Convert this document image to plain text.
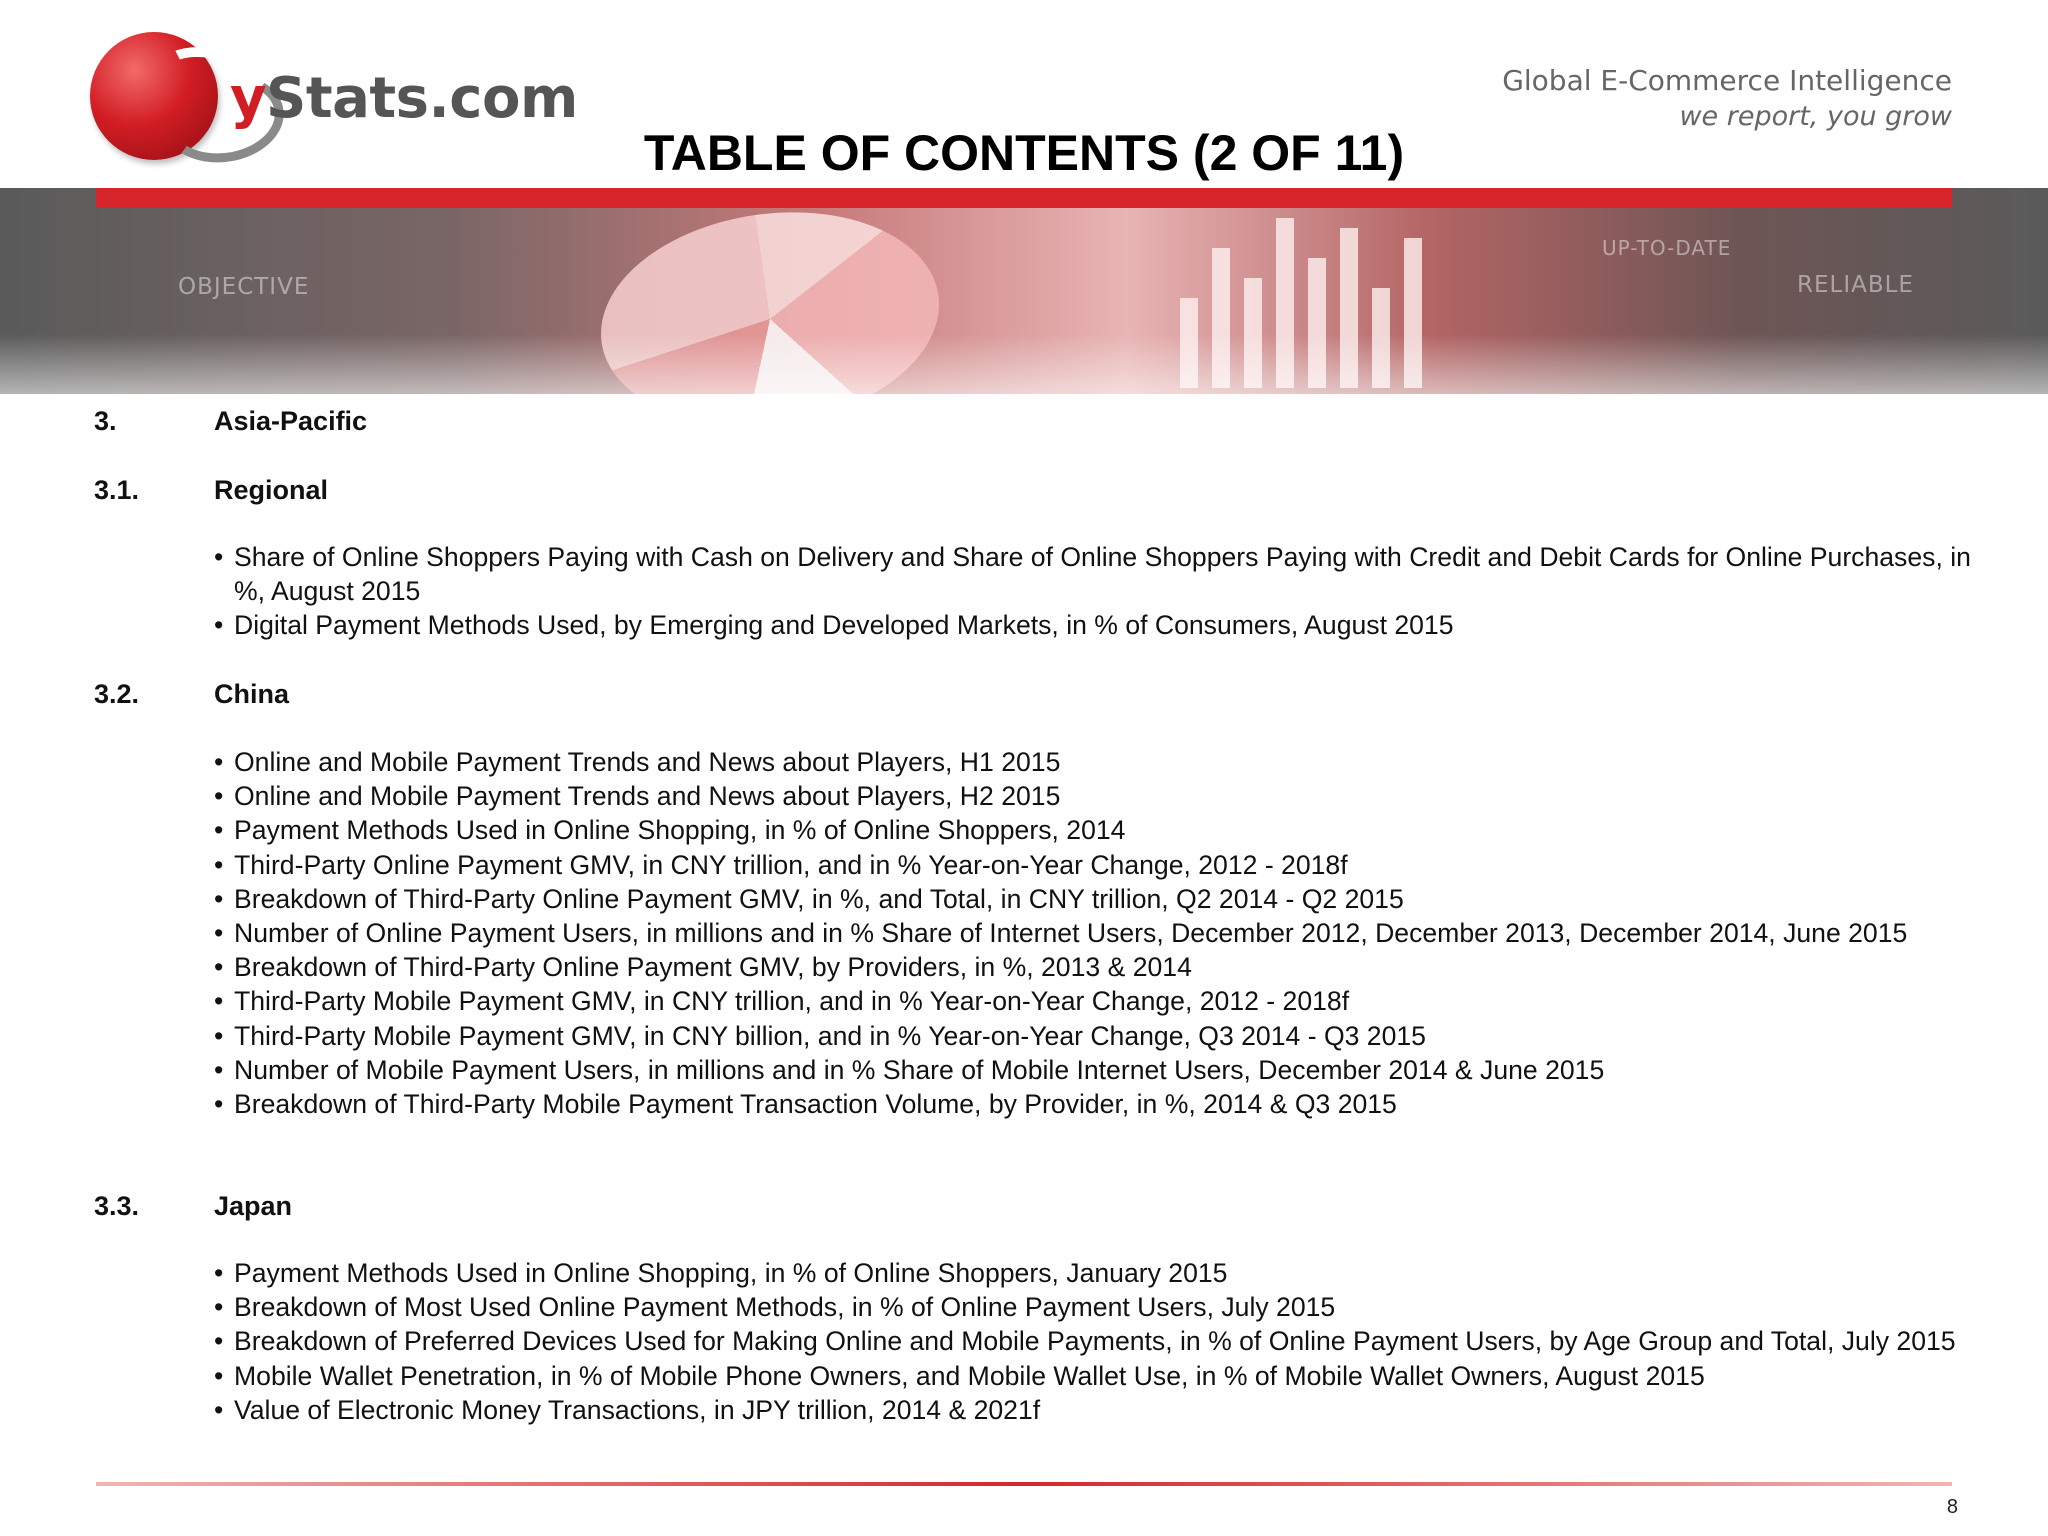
yStats.com	Global E-Commerce Intelligence
we report, you grow
OBJECTIVE
UP-TO-DATE
RELIABLE
TABLE OF CONTENTS (2 OF 11)
3.	Asia-Pacific
3.1.	Regional
• Share of Online Shoppers Paying with Cash on Delivery and Share of Online Shoppers Paying with Credit and Debit Cards for Online Purchases, in %, August 2015
• Digital Payment Methods Used, by Emerging and Developed Markets, in % of Consumers, August 2015
3.2.	China
• Online and Mobile Payment Trends and News about Players, H1 2015
• Online and Mobile Payment Trends and News about Players, H2 2015
• Payment Methods Used in Online Shopping, in % of Online Shoppers, 2014
• Third-Party Online Payment GMV, in CNY trillion, and in % Year-on-Year Change, 2012 - 2018f
• Breakdown of Third-Party Online Payment GMV, in %, and Total, in CNY trillion, Q2 2014 - Q2 2015
• Number of Online Payment Users, in millions and in % Share of Internet Users, December 2012, December 2013, December 2014, June 2015
• Breakdown of Third-Party Online Payment GMV, by Providers, in %, 2013 & 2014
• Third-Party Mobile Payment GMV, in CNY trillion, and in % Year-on-Year Change, 2012 - 2018f
• Third-Party Mobile Payment GMV, in CNY billion, and in % Year-on-Year Change, Q3 2014 - Q3 2015
• Number of Mobile Payment Users, in millions and in % Share of Mobile Internet Users, December 2014 & June 2015
• Breakdown of Third-Party Mobile Payment Transaction Volume, by Provider, in %, 2014 & Q3 2015
3.3.	Japan
• Payment Methods Used in Online Shopping, in % of Online Shoppers, January 2015
• Breakdown of Most Used Online Payment Methods, in % of Online Payment Users, July 2015
• Breakdown of Preferred Devices Used for Making Online and Mobile Payments, in % of Online Payment Users, by Age Group and Total, July 2015
• Mobile Wallet Penetration, in % of Mobile Phone Owners, and Mobile Wallet Use, in % of Mobile Wallet Owners, August 2015
• Value of Electronic Money Transactions, in JPY trillion, 2014 & 2021f
8
